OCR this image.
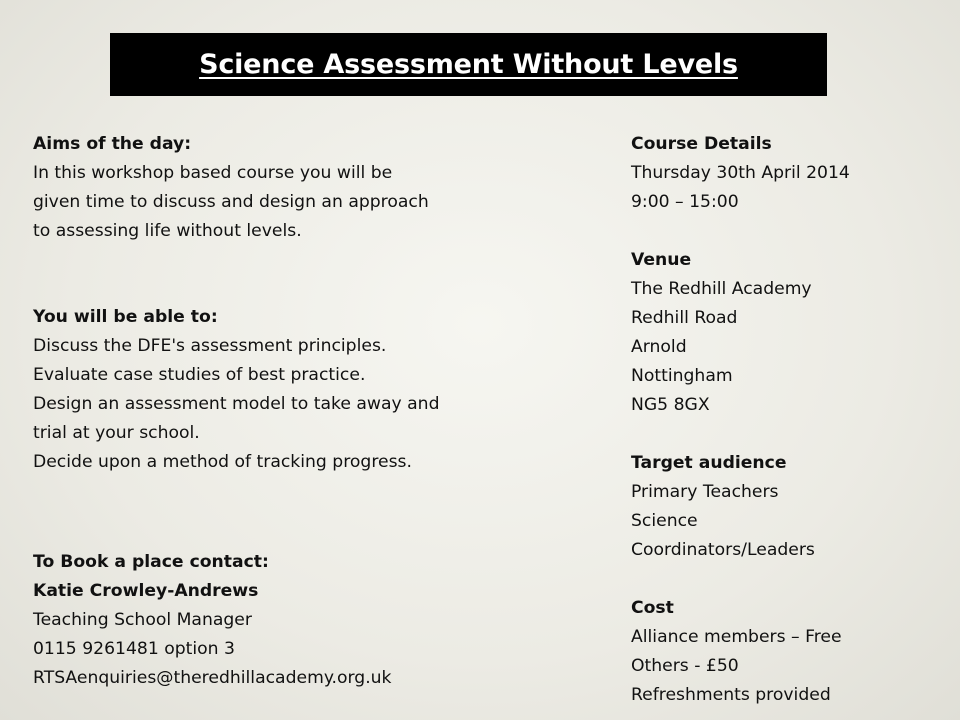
Science Assessment Without Levels
Aims of the day:
In this workshop based course you will be
given time to discuss and design an approach
to assessing life without levels.
You will be able to:
Discuss the DFE's assessment principles.
Evaluate case studies of best practice.
Design an assessment model to take away and
trial at your school.
Decide upon a method of tracking progress.
To Book a place contact:
Katie Crowley-Andrews
Teaching School Manager
0115 9261481 option 3
RTSAenquiries@theredhillacademy.org.uk
Course Details
Thursday 30th April 2014
9:00 – 15:00
Venue
The Redhill Academy
Redhill Road
Arnold
Nottingham
NG5 8GX
Target audience
Primary Teachers
Science
Coordinators/Leaders
Cost
Alliance members – Free
Others - £50
Refreshments provided
